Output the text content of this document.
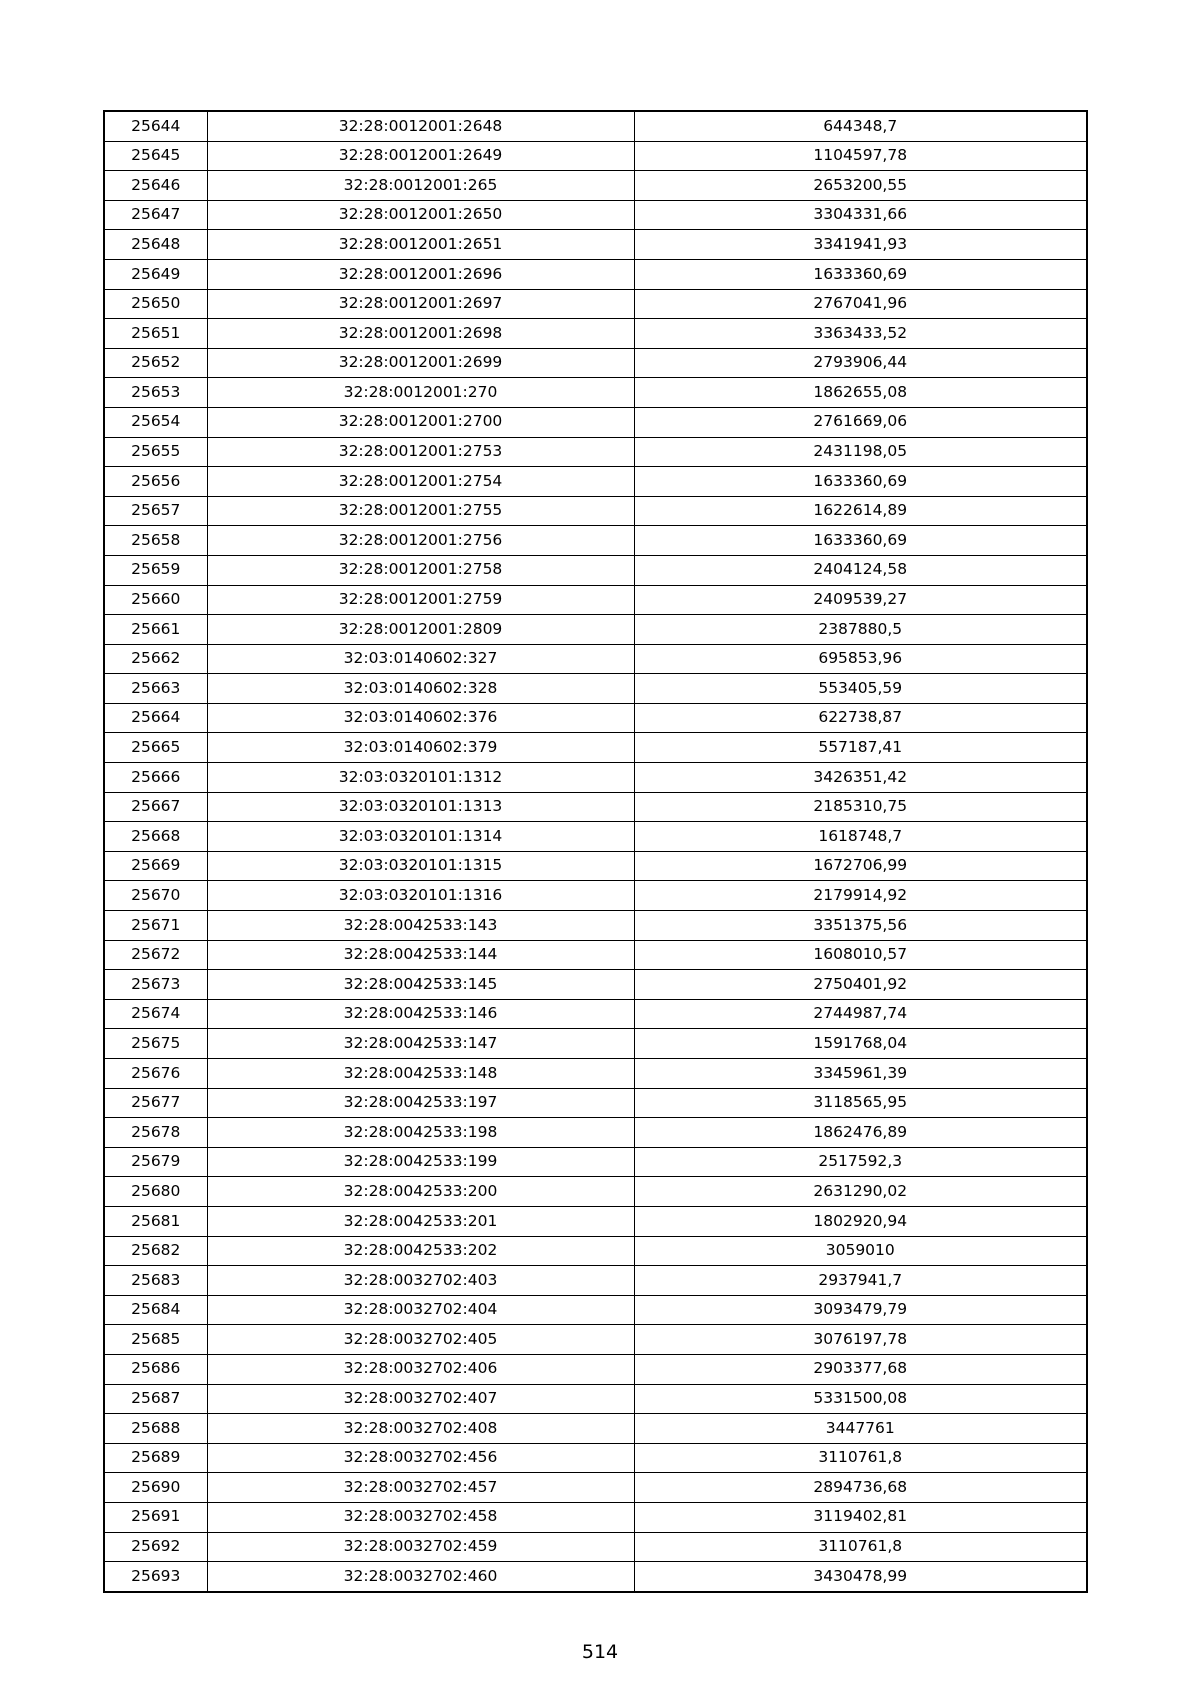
25644	32:28:0012001:2648	644348,7
25645	32:28:0012001:2649	1104597,78
25646	32:28:0012001:265	2653200,55
25647	32:28:0012001:2650	3304331,66
25648	32:28:0012001:2651	3341941,93
25649	32:28:0012001:2696	1633360,69
25650	32:28:0012001:2697	2767041,96
25651	32:28:0012001:2698	3363433,52
25652	32:28:0012001:2699	2793906,44
25653	32:28:0012001:270	1862655,08
25654	32:28:0012001:2700	2761669,06
25655	32:28:0012001:2753	2431198,05
25656	32:28:0012001:2754	1633360,69
25657	32:28:0012001:2755	1622614,89
25658	32:28:0012001:2756	1633360,69
25659	32:28:0012001:2758	2404124,58
25660	32:28:0012001:2759	2409539,27
25661	32:28:0012001:2809	2387880,5
25662	32:03:0140602:327	695853,96
25663	32:03:0140602:328	553405,59
25664	32:03:0140602:376	622738,87
25665	32:03:0140602:379	557187,41
25666	32:03:0320101:1312	3426351,42
25667	32:03:0320101:1313	2185310,75
25668	32:03:0320101:1314	1618748,7
25669	32:03:0320101:1315	1672706,99
25670	32:03:0320101:1316	2179914,92
25671	32:28:0042533:143	3351375,56
25672	32:28:0042533:144	1608010,57
25673	32:28:0042533:145	2750401,92
25674	32:28:0042533:146	2744987,74
25675	32:28:0042533:147	1591768,04
25676	32:28:0042533:148	3345961,39
25677	32:28:0042533:197	3118565,95
25678	32:28:0042533:198	1862476,89
25679	32:28:0042533:199	2517592,3
25680	32:28:0042533:200	2631290,02
25681	32:28:0042533:201	1802920,94
25682	32:28:0042533:202	3059010
25683	32:28:0032702:403	2937941,7
25684	32:28:0032702:404	3093479,79
25685	32:28:0032702:405	3076197,78
25686	32:28:0032702:406	2903377,68
25687	32:28:0032702:407	5331500,08
25688	32:28:0032702:408	3447761
25689	32:28:0032702:456	3110761,8
25690	32:28:0032702:457	2894736,68
25691	32:28:0032702:458	3119402,81
25692	32:28:0032702:459	3110761,8
25693	32:28:0032702:460	3430478,99
514
